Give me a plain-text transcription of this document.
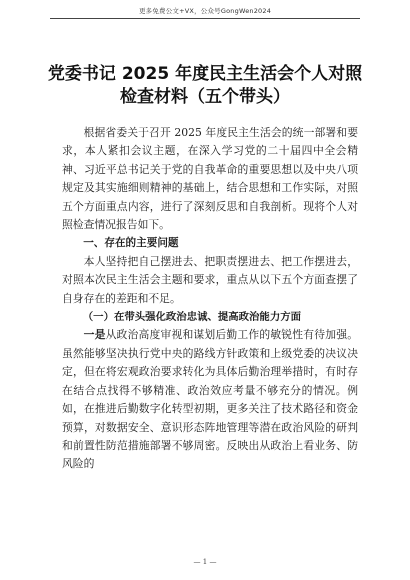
更多免费公文+VX，公众号GongWen2024
党委书记 2025 年度民主生活会个人对照
检查材料（五个带头）

根据省委关于召开 2025 年度民主生活会的统一部署和要求，本人紧扣会议主题，在深入学习党的二十届四中全会精神、习近平总书记关于党的自我革命的重要思想以及中央八项规定及其实施细则精神的基础上，结合思想和工作实际，对照五个方面重点内容，进行了深刻反思和自我剖析。现将个人对照检查情况报告如下。

一、存在的主要问题

本人坚持把自己摆进去、把职责摆进去、把工作摆进去，对照本次民主生活会主题和要求，重点从以下五个方面查摆了自身存在的差距和不足。

（一）在带头强化政治忠诚、提高政治能力方面

一是从政治高度审视和谋划后勤工作的敏锐性有待加强。虽然能够坚决执行党中央的路线方针政策和上级党委的决议决定，但在将宏观政治要求转化为具体后勤治理举措时，有时存在结合点找得不够精准、政治效应考量不够充分的情况。例如，在推进后勤数字化转型初期，更多关注了技术路径和资金预算，对数据安全、意识形态阵地管理等潜在政治风险的研判和前置性防范措施部署不够周密。反映出从政治上看业务、防风险的

— 1 —
